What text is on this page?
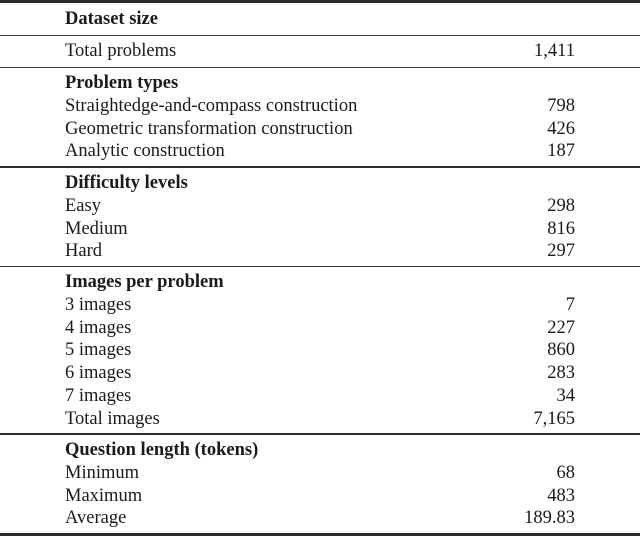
Dataset size
Total problems	1,411
Problem types
Straightedge-and-compass construction	798
Geometric transformation construction	426
Analytic construction	187
Difficulty levels
Easy	298
Medium	816
Hard	297
Images per problem
3 images	7
4 images	227
5 images	860
6 images	283
7 images	34
Total images	7,165
Question length (tokens)
Minimum	68
Maximum	483
Average	189.83
